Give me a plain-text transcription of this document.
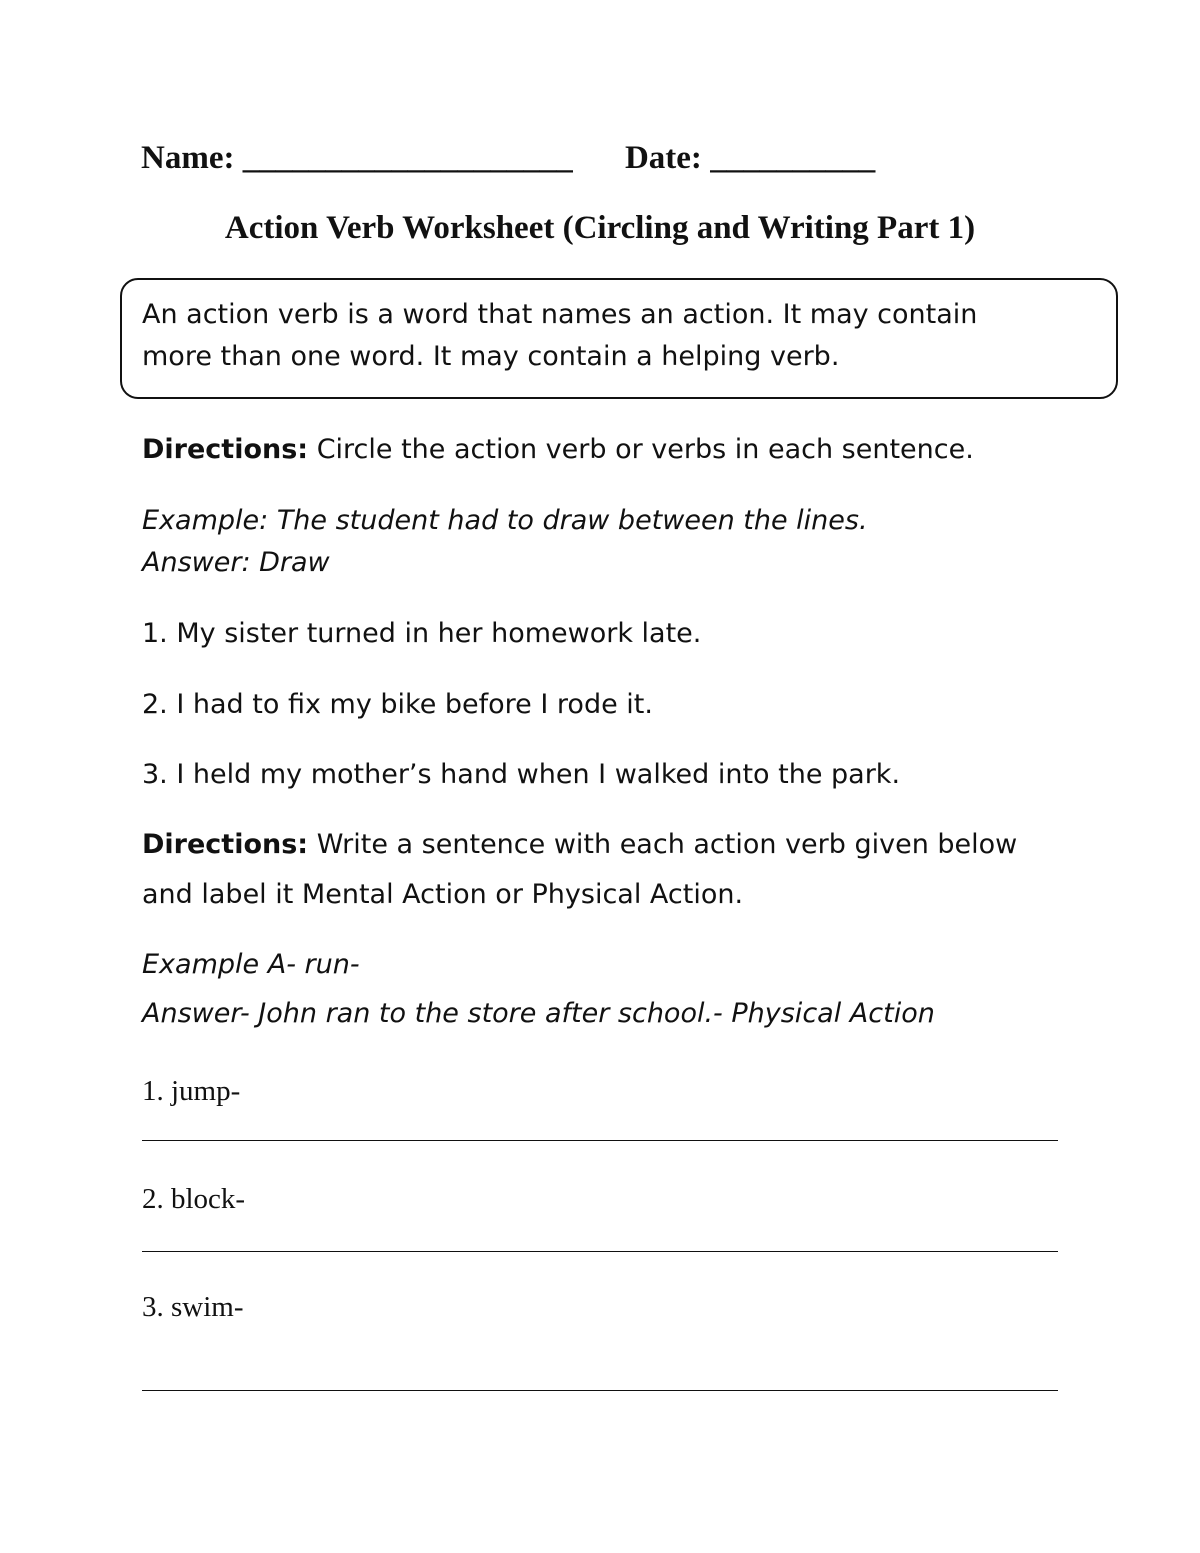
Name: ____________________ Date: __________
Action Verb Worksheet (Circling and Writing Part 1)
An action verb is a word that names an action. It may contain
more than one word. It may contain a helping verb.
Directions: Circle the action verb or verbs in each sentence.
Example: The student had to draw between the lines.
Answer: Draw
1. My sister turned in her homework late.
2. I had to fix my bike before I rode it.
3. I held my mother’s hand when I walked into the park.
Directions: Write a sentence with each action verb given below
and label it Mental Action or Physical Action.
Example A- run-
Answer- John ran to the store after school.- Physical Action
1. jump-
2. block-
3. swim-
